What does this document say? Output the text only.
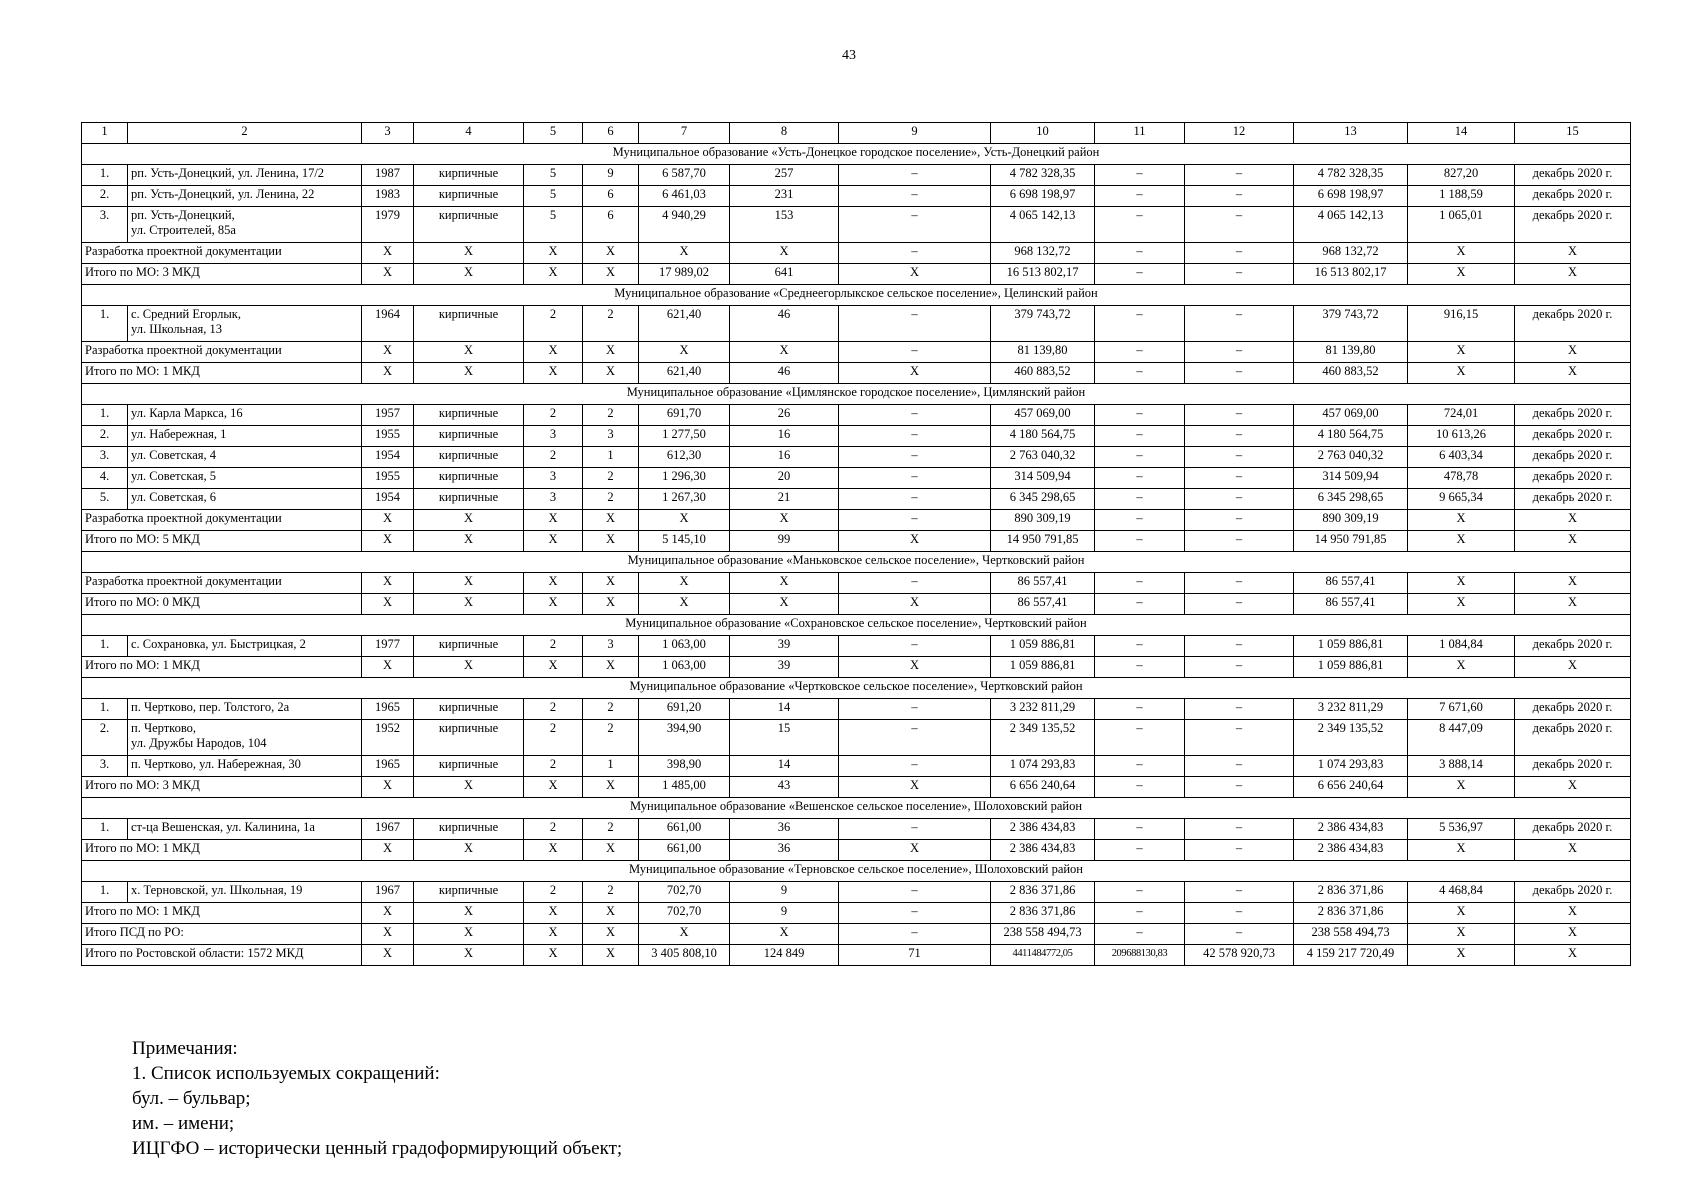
43
1	2	3	4	5	6	7	8	9	10	11	12	13	14	15
Муниципальное образование «Усть-Донецкое городское поселение», Усть-Донецкий район														
1.	рп. Усть-Донецкий, ул. Ленина, 17/2	1987	кирпичные	5	9	6 587,70	257	–	4 782 328,35	–	–	4 782 328,35	827,20	декабрь 2020 г.
2.	рп. Усть-Донецкий, ул. Ленина, 22	1983	кирпичные	5	6	6 461,03	231	–	6 698 198,97	–	–	6 698 198,97	1 188,59	декабрь 2020 г.
3.	рп. Усть-Донецкий,
ул. Строителей, 85а	1979	кирпичные	5	6	4 940,29	153	–	4 065 142,13	–	–	4 065 142,13	1 065,01	декабрь 2020 г.
Разработка проектной документации		X	X	X	X	X	X	–	968 132,72	–	–	968 132,72	X	X
Итого по МО: 3 МКД		X	X	X	X	17 989,02	641	X	16 513 802,17	–	–	16 513 802,17	X	X
Муниципальное образование «Среднеегорлыкское сельское поселение», Целинский район														
1.	с. Средний Егорлык,
ул. Школьная, 13	1964	кирпичные	2	2	621,40	46	–	379 743,72	–	–	379 743,72	916,15	декабрь 2020 г.
Разработка проектной документации		X	X	X	X	X	X	–	81 139,80	–	–	81 139,80	X	X
Итого по МО: 1 МКД		X	X	X	X	621,40	46	X	460 883,52	–	–	460 883,52	X	X
Муниципальное образование «Цимлянское городское поселение», Цимлянский район														
1.	ул. Карла Маркса, 16	1957	кирпичные	2	2	691,70	26	–	457 069,00	–	–	457 069,00	724,01	декабрь 2020 г.
2.	ул. Набережная, 1	1955	кирпичные	3	3	1 277,50	16	–	4 180 564,75	–	–	4 180 564,75	10 613,26	декабрь 2020 г.
3.	ул. Советская, 4	1954	кирпичные	2	1	612,30	16	–	2 763 040,32	–	–	2 763 040,32	6 403,34	декабрь 2020 г.
4.	ул. Советская, 5	1955	кирпичные	3	2	1 296,30	20	–	314 509,94	–	–	314 509,94	478,78	декабрь 2020 г.
5.	ул. Советская, 6	1954	кирпичные	3	2	1 267,30	21	–	6 345 298,65	–	–	6 345 298,65	9 665,34	декабрь 2020 г.
Разработка проектной документации		X	X	X	X	X	X	–	890 309,19	–	–	890 309,19	X	X
Итого по МО: 5 МКД		X	X	X	X	5 145,10	99	X	14 950 791,85	–	–	14 950 791,85	X	X
Муниципальное образование «Маньковское сельское поселение», Чертковский район														
Разработка проектной документации		X	X	X	X	X	X	–	86 557,41	–	–	86 557,41	X	X
Итого по МО: 0 МКД		X	X	X	X	X	X	X	86 557,41	–	–	86 557,41	X	X
Муниципальное образование «Сохрановское сельское поселение», Чертковский район														
1.	с. Сохрановка, ул. Быстрицкая, 2	1977	кирпичные	2	3	1 063,00	39	–	1 059 886,81	–	–	1 059 886,81	1 084,84	декабрь 2020 г.
Итого по МО: 1 МКД		X	X	X	X	1 063,00	39	X	1 059 886,81	–	–	1 059 886,81	X	X
Муниципальное образование «Чертковское сельское поселение», Чертковский район														
1.	п. Чертково, пер. Толстого, 2а	1965	кирпичные	2	2	691,20	14	–	3 232 811,29	–	–	3 232 811,29	7 671,60	декабрь 2020 г.
2.	п. Чертково,
ул. Дружбы Народов, 104	1952	кирпичные	2	2	394,90	15	–	2 349 135,52	–	–	2 349 135,52	8 447,09	декабрь 2020 г.
3.	п. Чертково, ул. Набережная, 30	1965	кирпичные	2	1	398,90	14	–	1 074 293,83	–	–	1 074 293,83	3 888,14	декабрь 2020 г.
Итого по МО: 3 МКД		X	X	X	X	1 485,00	43	X	6 656 240,64	–	–	6 656 240,64	X	X
Муниципальное образование «Вешенское сельское поселение», Шолоховский район														
1.	ст-ца Вешенская, ул. Калинина, 1а	1967	кирпичные	2	2	661,00	36	–	2 386 434,83	–	–	2 386 434,83	5 536,97	декабрь 2020 г.
Итого по МО: 1 МКД		X	X	X	X	661,00	36	X	2 386 434,83	–	–	2 386 434,83	X	X
Муниципальное образование «Терновское сельское поселение», Шолоховский район														
1.	х. Терновской, ул. Школьная, 19	1967	кирпичные	2	2	702,70	9	–	2 836 371,86	–	–	2 836 371,86	4 468,84	декабрь 2020 г.
Итого по МО: 1 МКД		X	X	X	X	702,70	9	–	2 836 371,86	–	–	2 836 371,86	X	X
Итого ПСД по РО:		X	X	X	X	X	X	–	238 558 494,73	–	–	238 558 494,73	X	X
Итого по Ростовской области: 1572 МКД		X	X	X	X	3 405 808,10	124 849	71	4411484772,05	209688130,83	42 578 920,73	4 159 217 720,49	X	X
Примечания:
1. Список используемых сокращений:
бул. – бульвар;
им. – имени;
ИЦГФО – исторически ценный градоформирующий объект;
